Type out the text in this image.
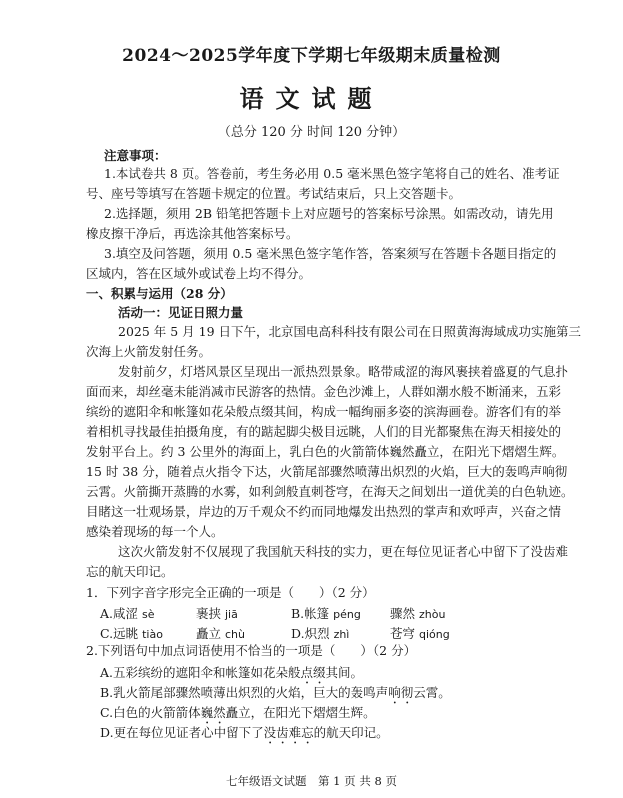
2024～2025学年度下学期七年级期末质量检测
语文试题
（总分 120 分 时间 120 分钟）
注意事项：
1.本试卷共 8 页。答卷前，考生务必用 0.5 毫米黑色签字笔将自己的姓名、准考证
号、座号等填写在答题卡规定的位置。考试结束后，只上交答题卡。
2.选择题，须用 2B 铅笔把答题卡上对应题号的答案标号涂黑。如需改动，请先用
橡皮擦干净后，再选涂其他答案标号。
3.填空及问答题，须用 0.5 毫米黑色签字笔作答，答案须写在答题卡各题目指定的
区域内，答在区域外或试卷上均不得分。
一、积累与运用（28 分）
活动一：见证日照力量
2025 年 5 月 19 日下午，北京国电高科科技有限公司在日照黄海海域成功实施第三
次海上火箭发射任务。
发射前夕，灯塔风景区呈现出一派热烈景象。略带咸涩的海风裹挟着盛夏的气息扑
面而来，却丝毫未能消减市民游客的热情。金色沙滩上，人群如潮水般不断涌来，五彩
缤纷的遮阳伞和帐篷如花朵般点缀其间，构成一幅绚丽多姿的滨海画卷。游客们有的举
着相机寻找最佳拍摄角度，有的踮起脚尖极目远眺，人们的目光都聚焦在海天相接处的
发射平台上。约 3 公里外的海面上，乳白色的火箭箭体巍然矗立，在阳光下熠熠生辉。
15 时 38 分，随着点火指令下达，火箭尾部骤然喷薄出炽烈的火焰，巨大的轰鸣声响彻
云霄。火箭撕开蒸腾的水雾，如利剑般直刺苍穹，在海天之间划出一道优美的白色轨迹。
目睹这一壮观场景，岸边的万千观众不约而同地爆发出热烈的掌声和欢呼声，兴奋之情
感染着现场的每一个人。
这次火箭发射不仅展现了我国航天科技的实力，更在每位见证者心中留下了没齿难
忘的航天印记。
1．下列字音字形完全正确的一项是（　　）（2 分）
A.咸涩 sè	裹挟 jiā	B.帐篷 péng 骤然 zhòu
C.远眺 tiào	矗立 chù	D.炽烈 zhì	苍穹 qióng
2.下列语句中加点词语使用不恰当的一项是（　　）（2 分）
A.五彩缤纷的遮阳伞和帐篷如花朵般点缀其间。
B.乳火箭尾部骤然喷薄出炽烈的火焰，巨大的轰鸣声响彻云霄。
C.白色的火箭箭体巍然矗立，在阳光下熠熠生辉。
D.更在每位见证者心中留下了没齿难忘的航天印记。
七年级语文试题　第 1 页 共 8 页
